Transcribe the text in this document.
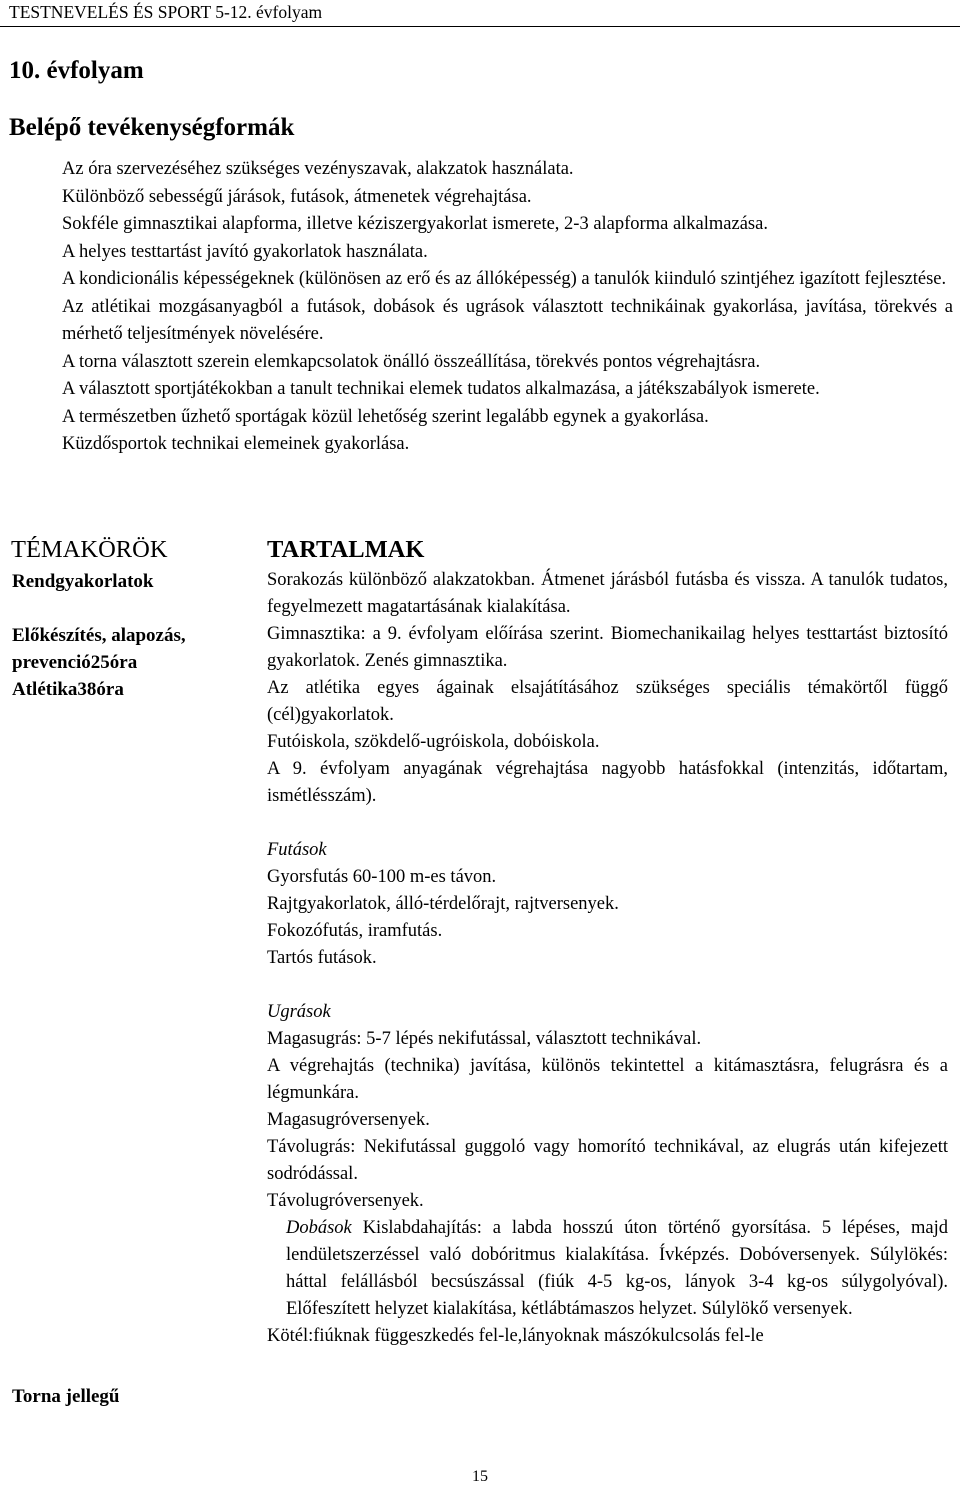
TESTNEVELÉS ÉS SPORT 5-12. évfolyam
10. évfolyam
Belépő tevékenységformák

Az óra szervezéséhez szükséges vezényszavak, alakzatok használata.

Különböző sebességű járások, futások, átmenetek végrehajtása.

Sokféle gimnasztikai alapforma, illetve kéziszergyakorlat ismerete, 2-3 alapforma alkalmazása.

A helyes testtartást javító gyakorlatok használata.

A kondicionális képességeknek (különösen az erő és az állóképesség) a tanulók kiinduló szintjéhez igazított fejlesztése.

Az atlétikai mozgásanyagból a futások, dobások és ugrások választott technikáinak gyakorlása, javítása, törekvés a mérhető teljesítmények növelésére.

A torna választott szerein elemkapcsolatok önálló összeállítása, törekvés pontos végrehajtásra.

A választott sportjátékokban a tanult technikai elemek tudatos alkalmazása, a játékszabályok ismerete.

A természetben űzhető sportágak közül lehetőség szerint legalább egynek a gyakorlása.

Küzdősportok technikai elemeinek gyakorlása.

TÉMAKÖRÖK	TARTALMAK
Rendgyakorlatok
Előkészítés, alapozás,
prevenció25óra
Atlétika38óra
Torna jellegű

Sorakozás különböző alakzatokban. Átmenet járásból futásba és vissza. A tanulók tudatos, fegyelmezett magatartásának kialakítása.

Gimnasztika: a 9. évfolyam előírása szerint. Biomechanikailag helyes testtartást biztosító gyakorlatok. Zenés gimnasztika.

Az atlétika egyes ágainak elsajátításához szükséges speciális témakörtől függő (cél)gyakorlatok.

Futóiskola, szökdelő-ugróiskola, dobóiskola.

A 9. évfolyam anyagának végrehajtása nagyobb hatásfokkal (intenzitás, időtartam, ismétlésszám).

Futások

Gyorsfutás 60-100 m-es távon.

Rajtgyakorlatok, álló-térdelőrajt, rajtversenyek.

Fokozófutás, iramfutás.

Tartós futások.

Ugrások

Magasugrás: 5-7 lépés nekifutással, választott technikával.

A végrehajtás (technika) javítása, különös tekintettel a kitámasztásra, felugrásra és a légmunkára.

Magasugróversenyek.

Távolugrás: Nekifutással guggoló vagy homorító technikával, az elugrás után kifejezett sodródással.

Távolugróversenyek.

Dobások Kislabdahajítás: a labda hosszú úton történő gyorsítása. 5 lépéses, majd lendületszerzéssel való dobóritmus kialakítása. Ívképzés. Dobóversenyek. Súlylökés: háttal felállásból becsúszással (fiúk 4-5 kg-os, lányok 3-4 kg-os súlygolyóval). Előfeszített helyzet kialakítása, kétlábtámaszos helyzet. Súlylökő versenyek.

Kötél:fiúknak függeszkedés fel-le,lányoknak mászókulcsolás fel-le

15
